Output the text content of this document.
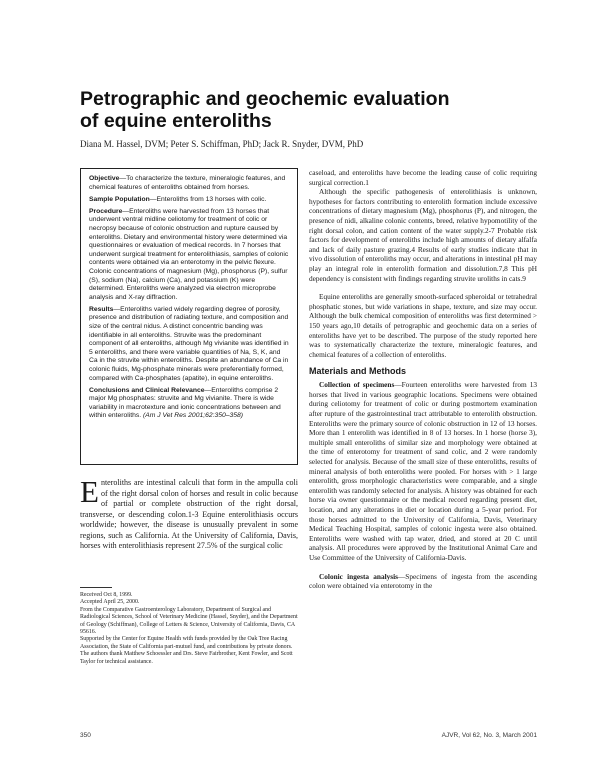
Petrographic and geochemic evaluation
of equine enteroliths
Diana M. Hassel, DVM; Peter S. Schiffman, PhD; Jack R. Snyder, DVM, PhD

Objective—To characterize the texture, mineralogic features, and chemical features of enteroliths obtained from horses.

Sample Population—Enteroliths from 13 horses with colic.

Procedure—Enteroliths were harvested from 13 horses that underwent ventral midline celiotomy for treatment of colic or necropsy because of colonic obstruction and rupture caused by enteroliths. Dietary and environmental history were determined via questionnaires or evaluation of medical records. In 7 horses that underwent surgical treatment for enterolithiasis, samples of colonic contents were obtained via an enterotomy in the pelvic flexure. Colonic concentrations of magnesium (Mg), phosphorus (P), sulfur (S), sodium (Na), calcium (Ca), and potassium (K) were determined. Enteroliths were analyzed via electron microprobe analysis and X-ray diffraction.

Results—Enteroliths varied widely regarding degree of porosity, presence and distribution of radiating texture, and composition and size of the central nidus. A distinct concentric banding was identifiable in all enteroliths. Struvite was the predominant component of all enteroliths, although Mg vivianite was identified in 5 enteroliths, and there were variable quantities of Na, S, K, and Ca in the struvite within enteroliths. Despite an abundance of Ca in colonic fluids, Mg-phosphate minerals were preferentially formed, compared with Ca-phosphates (apatite), in equine enteroliths.

Conclusions and Clinical Relevance—Enteroliths comprise 2 major Mg phosphates: struvite and Mg vivianite. There is wide variability in macrotexture and ionic concentrations between and within enteroliths. (Am J Vet Res 2001;62:350–358)

Enteroliths are intestinal calculi that form in the ampulla coli of the right dorsal colon of horses and result in colic because of partial or complete obstruction of the right dorsal, transverse, or descending colon.1-3 Equine enterolithiasis occurs worldwide; however, the disease is unusually prevalent in some regions, such as California. At the University of California, Davis, horses with enterolithiasis represent 27.5% of the surgical colic
Received Oct 8, 1999.
Accepted April 25, 2000.
From the Comparative Gastroenterology Laboratory, Department of Surgical and Radiological Sciences, School of Veterinary Medicine (Hassel, Snyder), and the Department of Geology (Schiffman), College of Letters & Science, University of California, Davis, CA 95616.
Supported by the Center for Equine Health with funds provided by the Oak Tree Racing Association, the State of California pari-mutuel fund, and contributions by private donors.
The authors thank Matthew Schoessler and Drs. Steve Fairbrother, Kent Fowler, and Scott Taylor for technical assistance.

caseload, and enteroliths have become the leading cause of colic requiring surgical correction.1

Although the specific pathogenesis of enterolithiasis is unknown, hypotheses for factors contributing to enterolith formation include excessive concentrations of dietary magnesium (Mg), phosphorus (P), and nitrogen, the presence of nidi, alkaline colonic contents, breed, relative hypomotility of the right dorsal colon, and cation content of the water supply.2-7 Probable risk factors for development of enteroliths include high amounts of dietary alfalfa and lack of daily pasture grazing.4 Results of early studies indicate that in vivo dissolution of enteroliths may occur, and alterations in intestinal pH may play an integral role in enterolith formation and dissolution.7,8 This pH dependency is consistent with findings regarding struvite uroliths in cats.9

Equine enteroliths are generally smooth-surfaced spheroidal or tetrahedral phosphatic stones, but wide variations in shape, texture, and size may occur. Although the bulk chemical composition of enteroliths was first determined > 150 years ago,10 details of petrographic and geochemic data on a series of enteroliths have yet to be described. The purpose of the study reported here was to systematically characterize the texture, mineralogic features, and chemical features of a collection of enteroliths.

Materials and Methods

Collection of specimens—Fourteen enteroliths were harvested from 13 horses that lived in various geographic locations. Specimens were obtained during celiotomy for treatment of colic or during postmortem examination after rupture of the gastrointestinal tract attributable to enterolith obstruction. Enteroliths were the primary source of colonic obstruction in 12 of 13 horses. More than 1 enterolith was identified in 8 of 13 horses. In 1 horse (horse 3), multiple small enteroliths of similar size and morphology were obtained at the time of enterotomy for treatment of sand colic, and 2 were randomly selected for analysis. Because of the small size of these enteroliths, results of mineral analysis of both enteroliths were pooled. For horses with > 1 large enterolith, gross morphologic characteristics were comparable, and a single enterolith was randomly selected for analysis. A history was obtained for each horse via owner questionnaire or the medical record regarding present diet, location, and any alterations in diet or location during a 5-year period. For those horses admitted to the University of California, Davis, Veterinary Medical Teaching Hospital, samples of colonic ingesta were also obtained. Enteroliths were washed with tap water, dried, and stored at 20 C until analysis. All procedures were approved by the Institutional Animal Care and Use Committee of the University of California-Davis.

Colonic ingesta analysis—Specimens of ingesta from the ascending colon were obtained via enterotomy in the

350	AJVR, Vol 62, No. 3, March 2001
